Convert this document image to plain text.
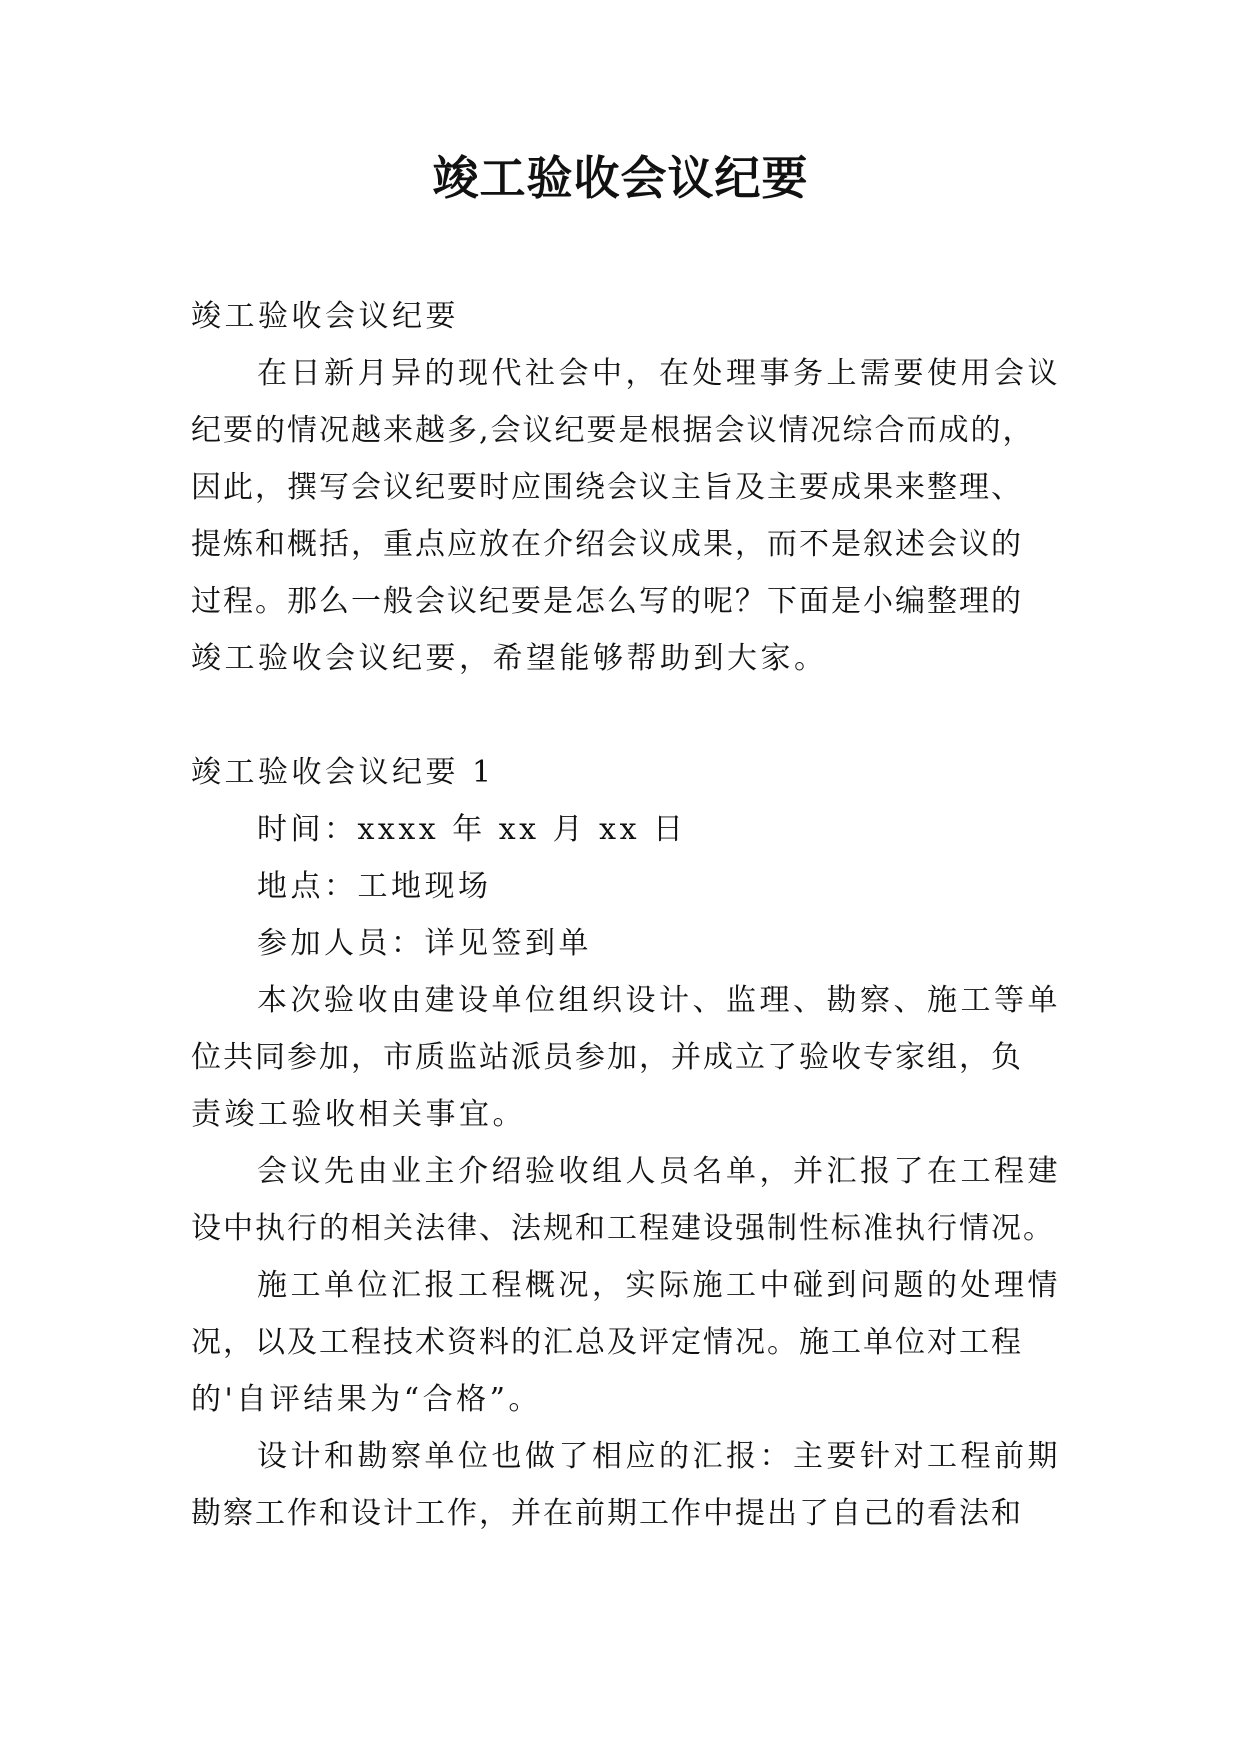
竣工验收会议纪要
竣工验收会议纪要
在日新月异的现代社会中，在处理事务上需要使用会议
纪要的情况越来越多,会议纪要是根据会议情况综合而成的，
因此，撰写会议纪要时应围绕会议主旨及主要成果来整理、
提炼和概括，重点应放在介绍会议成果，而不是叙述会议的
过程。那么一般会议纪要是怎么写的呢？下面是小编整理的
竣工验收会议纪要，希望能够帮助到大家。
竣工验收会议纪要 1
时间：xxxx 年 xx 月 xx 日
地点：工地现场
参加人员：详见签到单
本次验收由建设单位组织设计、监理、勘察、施工等单
位共同参加，市质监站派员参加，并成立了验收专家组，负
责竣工验收相关事宜。
会议先由业主介绍验收组人员名单，并汇报了在工程建
设中执行的相关法律、法规和工程建设强制性标准执行情况。
施工单位汇报工程概况，实际施工中碰到问题的处理情
况，以及工程技术资料的汇总及评定情况。施工单位对工程
的'自评结果为“合格”。
设计和勘察单位也做了相应的汇报：主要针对工程前期
勘察工作和设计工作，并在前期工作中提出了自己的看法和
